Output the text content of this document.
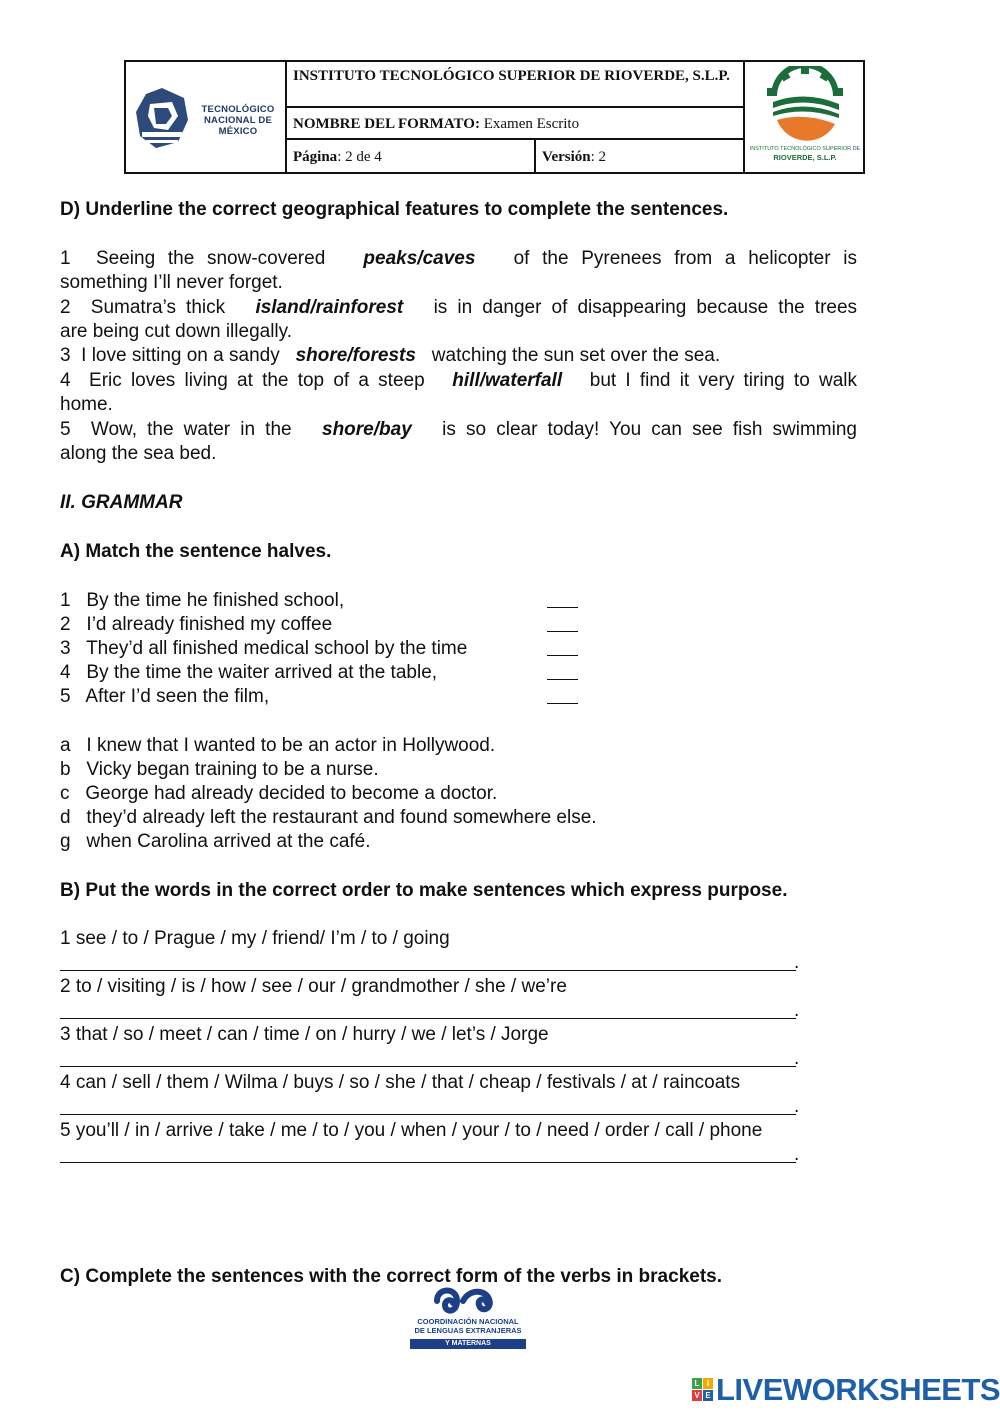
TECNOLÓGICO NACIONAL DE MÉXICO
INSTITUTO TECNOLÓGICO SUPERIOR DE RIOVERDE, S.L.P.
NOMBRE DEL FORMATO: Examen Escrito
Página: 2 de 4	Versión: 2	INSTITUTO TECNOLÓGICO SUPERIOR DE
RIOVERDE, S.L.P.
D) Underline the correct geographical features to complete the sentences.
1 Seeing the snow-covered peaks/caves of the Pyrenees from a helicopter is
something I’ll never forget.
2 Sumatra’s thick island/rainforest is in danger of disappearing because the trees
are being cut down illegally.
3 I love sitting on a sandy shore/forests watching the sun set over the sea.
4 Eric loves living at the top of a steep hill/waterfall but I find it very tiring to walk
home.
5 Wow, the water in the shore/bay is so clear today! You can see fish swimming
along the sea bed.
II. GRAMMAR
A) Match the sentence halves.
1 By the time he finished school,
2 I’d already finished my coffee
3 They’d all finished medical school by the time
4 By the time the waiter arrived at the table,
5 After I’d seen the film,
a I knew that I wanted to be an actor in Hollywood.
b Vicky began training to be a nurse.
c George had already decided to become a doctor.
d they’d already left the restaurant and found somewhere else.
g when Carolina arrived at the café.
B) Put the words in the correct order to make sentences which express purpose.
1 see / to / Prague / my / friend/ I’m / to / going
.
2 to / visiting / is / how / see / our / grandmother / she / we’re
.
3 that / so / meet / can / time / on / hurry / we / let’s / Jorge
.
4 can / sell / them / Wilma / buys / so / she / that / cheap / festivals / at / raincoats
.
5 you’ll / in / arrive / take / me / to / you / when / your / to / need / order / call / phone
.
C) Complete the sentences with the correct form of the verbs in brackets.
COORDINACIÓN NACIONAL
DE LENGUAS EXTRANJERAS
Y MATERNAS
L I
V E LIVEWORKSHEETS
